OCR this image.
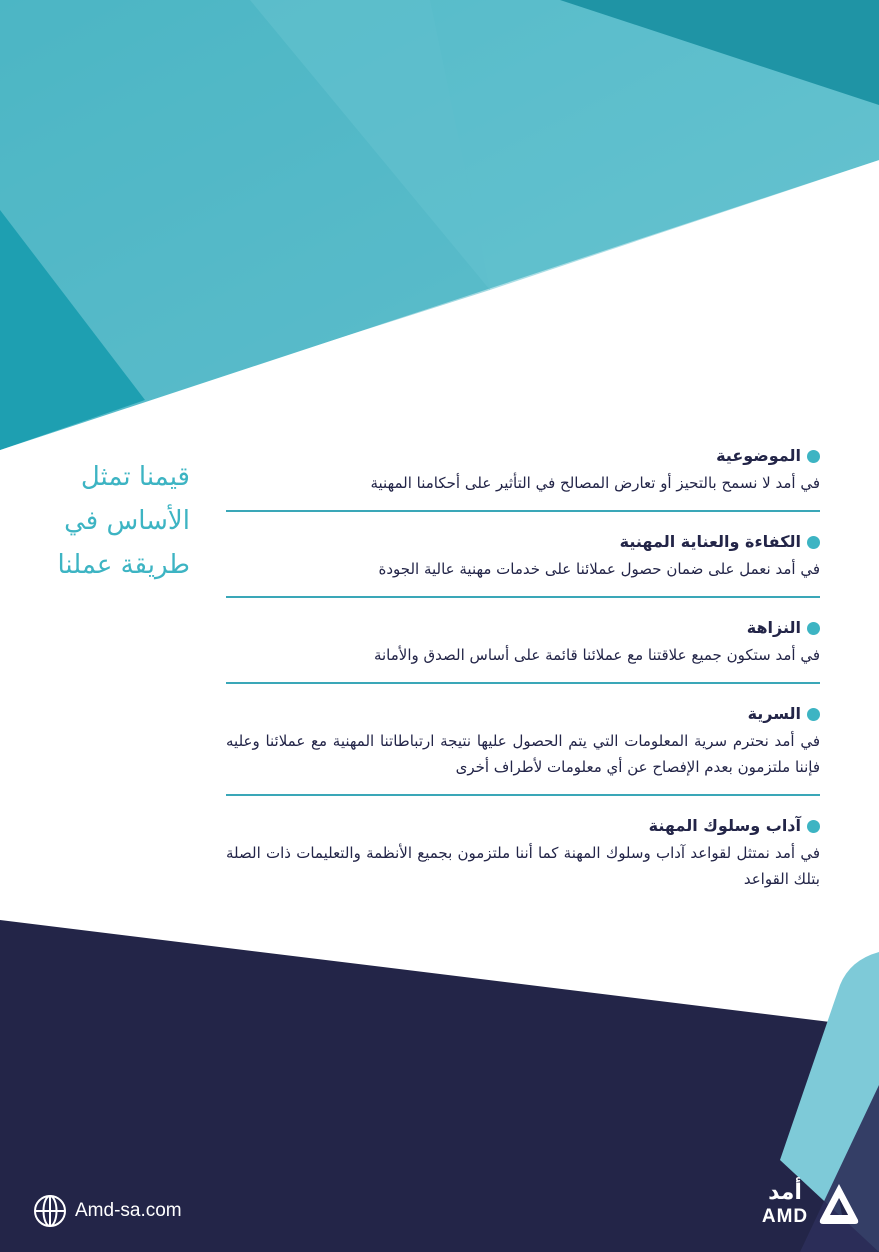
قيمنا تمثل
الأساس في
طريقة عملنا

الموضوعية

في أمد لا نسمح بالتحيز أو تعارض المصالح في التأثير على أحكامنا المهنية

الكفاءة والعناية المهنية

في أمد نعمل على ضمان حصول عملائنا على خدمات مهنية عالية الجودة

النزاهة

في أمد ستكون جميع علاقتنا مع عملائنا قائمة على أساس الصدق والأمانة

السرية

في أمد نحترم سرية المعلومات التي يتم الحصول عليها نتيجة ارتباطاتنا المهنية مع عملائنا وعليه فإننا ملتزمون بعدم الإفصاح عن أي معلومات لأطراف أخرى

آداب وسلوك المهنة

في أمد نمتثل لقواعد آداب وسلوك المهنة كما أننا ملتزمون بجميع الأنظمة والتعليمات ذات الصلة بتلك القواعد

Amd-sa.com
أمد
AMD
